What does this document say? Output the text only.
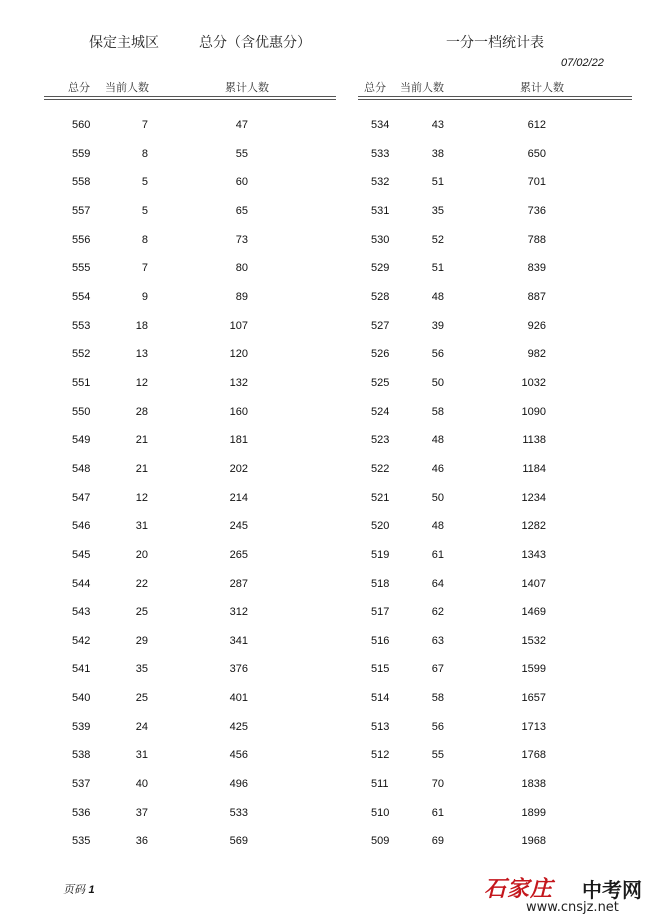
保定主城区	总分（含优惠分）	一分一档统计表
07/02/22
总分 当前人数	累计人数
560	7	47
559	8	55
558	5	60
557	5	65
556	8	73
555	7	80
554	9	89
553	18	107
552	13	120
551	12	132
550	28	160
549	21	181
548	21	202
547	12	214
546	31	245
545	20	265
544	22	287
543	25	312
542	29	341
541	35	376
540	25	401
539	24	425
538	31	456
537	40	496
536	37	533
535	36	569
总分 当前人数	累计人数
534	43	612
533	38	650
532	51	701
531	35	736
530	52	788
529	51	839
528	48	887
527	39	926
526	56	982
525	50	1032
524	58	1090
523	48	1138
522	46	1184
521	50	1234
520	48	1282
519	61	1343
518	64	1407
517	62	1469
516	63	1532
515	67	1599
514	58	1657
513	56	1713
512	55	1768
511	70	1838
510	61	1899
509	69	1968
页码 1	石家庄 中考网
www.cnsjz.net
